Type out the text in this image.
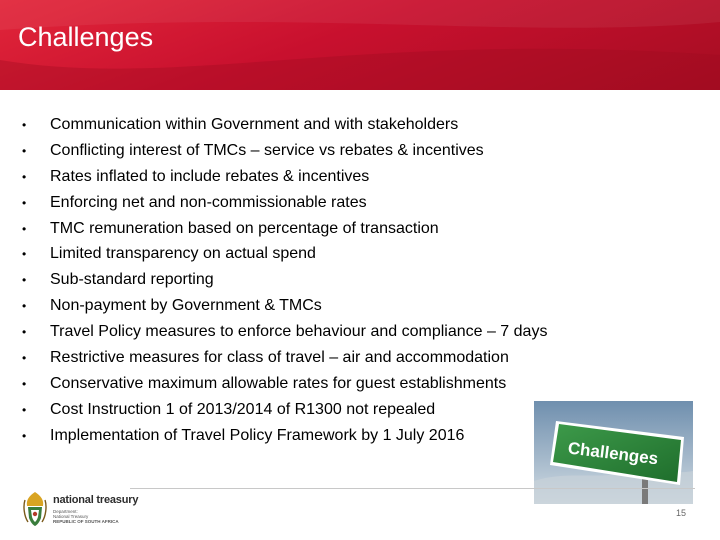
Challenges
•	Communication within Government and with stakeholders
•	Conflicting interest of TMCs – service vs rebates & incentives
•	Rates inflated to include rebates & incentives
•	Enforcing net and non-commissionable rates
•	TMC remuneration based on percentage of transaction
•	Limited transparency on actual spend
•	Sub-standard reporting
•	Non-payment by Government & TMCs
•	Travel Policy measures to enforce behaviour and compliance – 7 days
•	Restrictive measures for class of travel – air and accommodation
•	Conservative maximum allowable rates for guest establishments
•	Cost Instruction 1 of 2013/2014 of R1300 not repealed
•	Implementation of Travel Policy Framework by 1 July 2016
Challenges
national treasury
Department:
National Treasury
REPUBLIC OF SOUTH AFRICA
15
